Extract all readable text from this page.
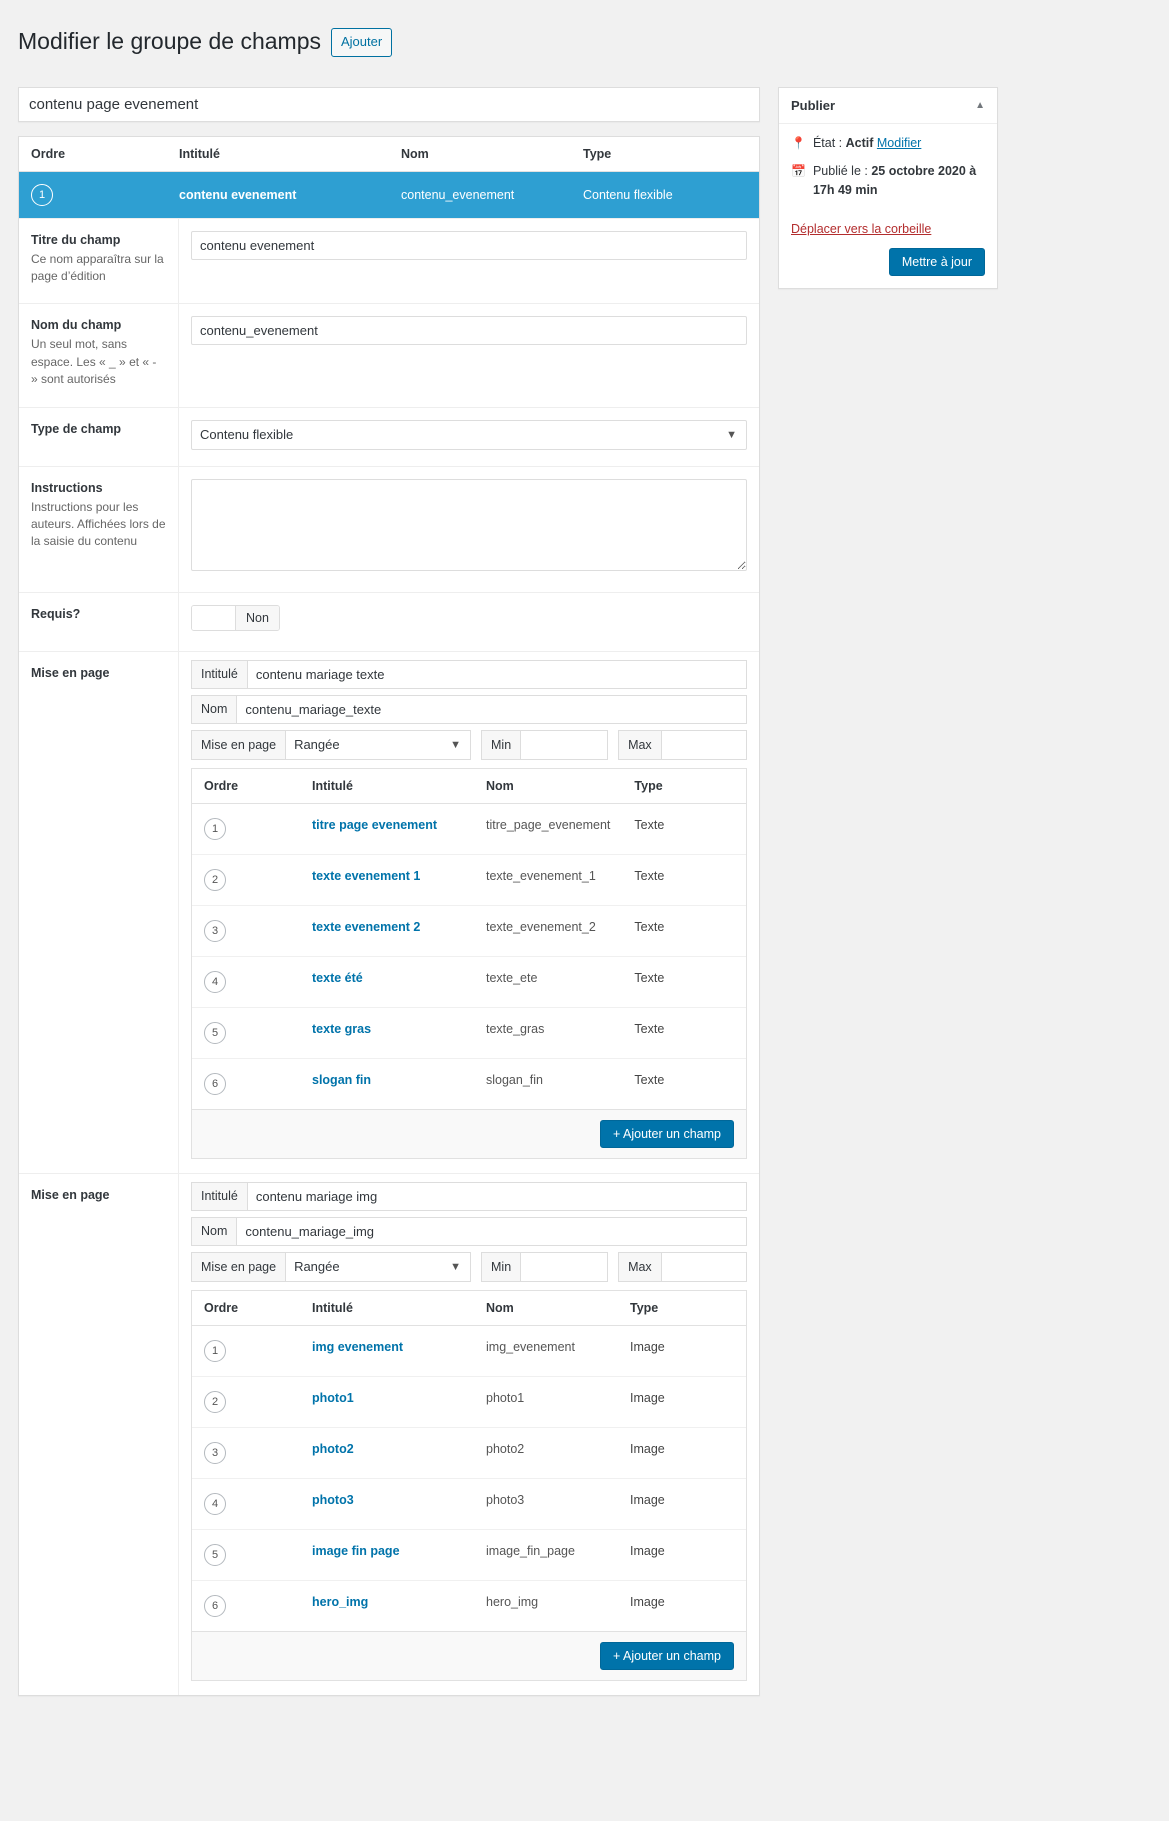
Modifier le groupe de champs	Ajouter
contenu page evenement
Ordre	Intitulé	Nom	Type
1	contenu evenement	contenu_evenement	Contenu flexible
Titre du champ
Ce nom apparaîtra sur la page d’édition
contenu evenement
Nom du champ
Un seul mot, sans espace. Les « _ » et « - » sont autorisés
contenu_evenement
Type de champ
Contenu flexible	▼
Instructions
Instructions pour les auteurs. Affichées lors de la saisie du contenu
Requis?	Non
Mise en page	Intitulé
contenu mariage texte
Nom
contenu_mariage_texte
Mise en page
Rangée	▼	Min	Max
Ordre	Intitulé	Nom	Type
1	titre page evenement	titre_page_evenement	Texte
2	texte evenement 1	texte_evenement_1	Texte
3	texte evenement 2	texte_evenement_2	Texte
4	texte été	texte_ete	Texte
5	texte gras	texte_gras	Texte
6	slogan fin	slogan_fin	Texte
+ Ajouter un champ
Mise en page	Intitulé
contenu mariage img
Nom
contenu_mariage_img
Mise en page
Rangée	▼	Min	Max
Ordre	Intitulé	Nom	Type
1	img evenement	img_evenement	Image
2	photo1	photo1	Image
3	photo2	photo2	Image
4	photo3	photo3	Image
5	image fin page	image_fin_page	Image
6	hero_img	hero_img	Image
+ Ajouter un champ
Publier	▲
📍 État : Actif Modifier
📅 Publié le : 25 octobre 2020 à 17h 49 min
Déplacer vers la corbeille
Mettre à jour
